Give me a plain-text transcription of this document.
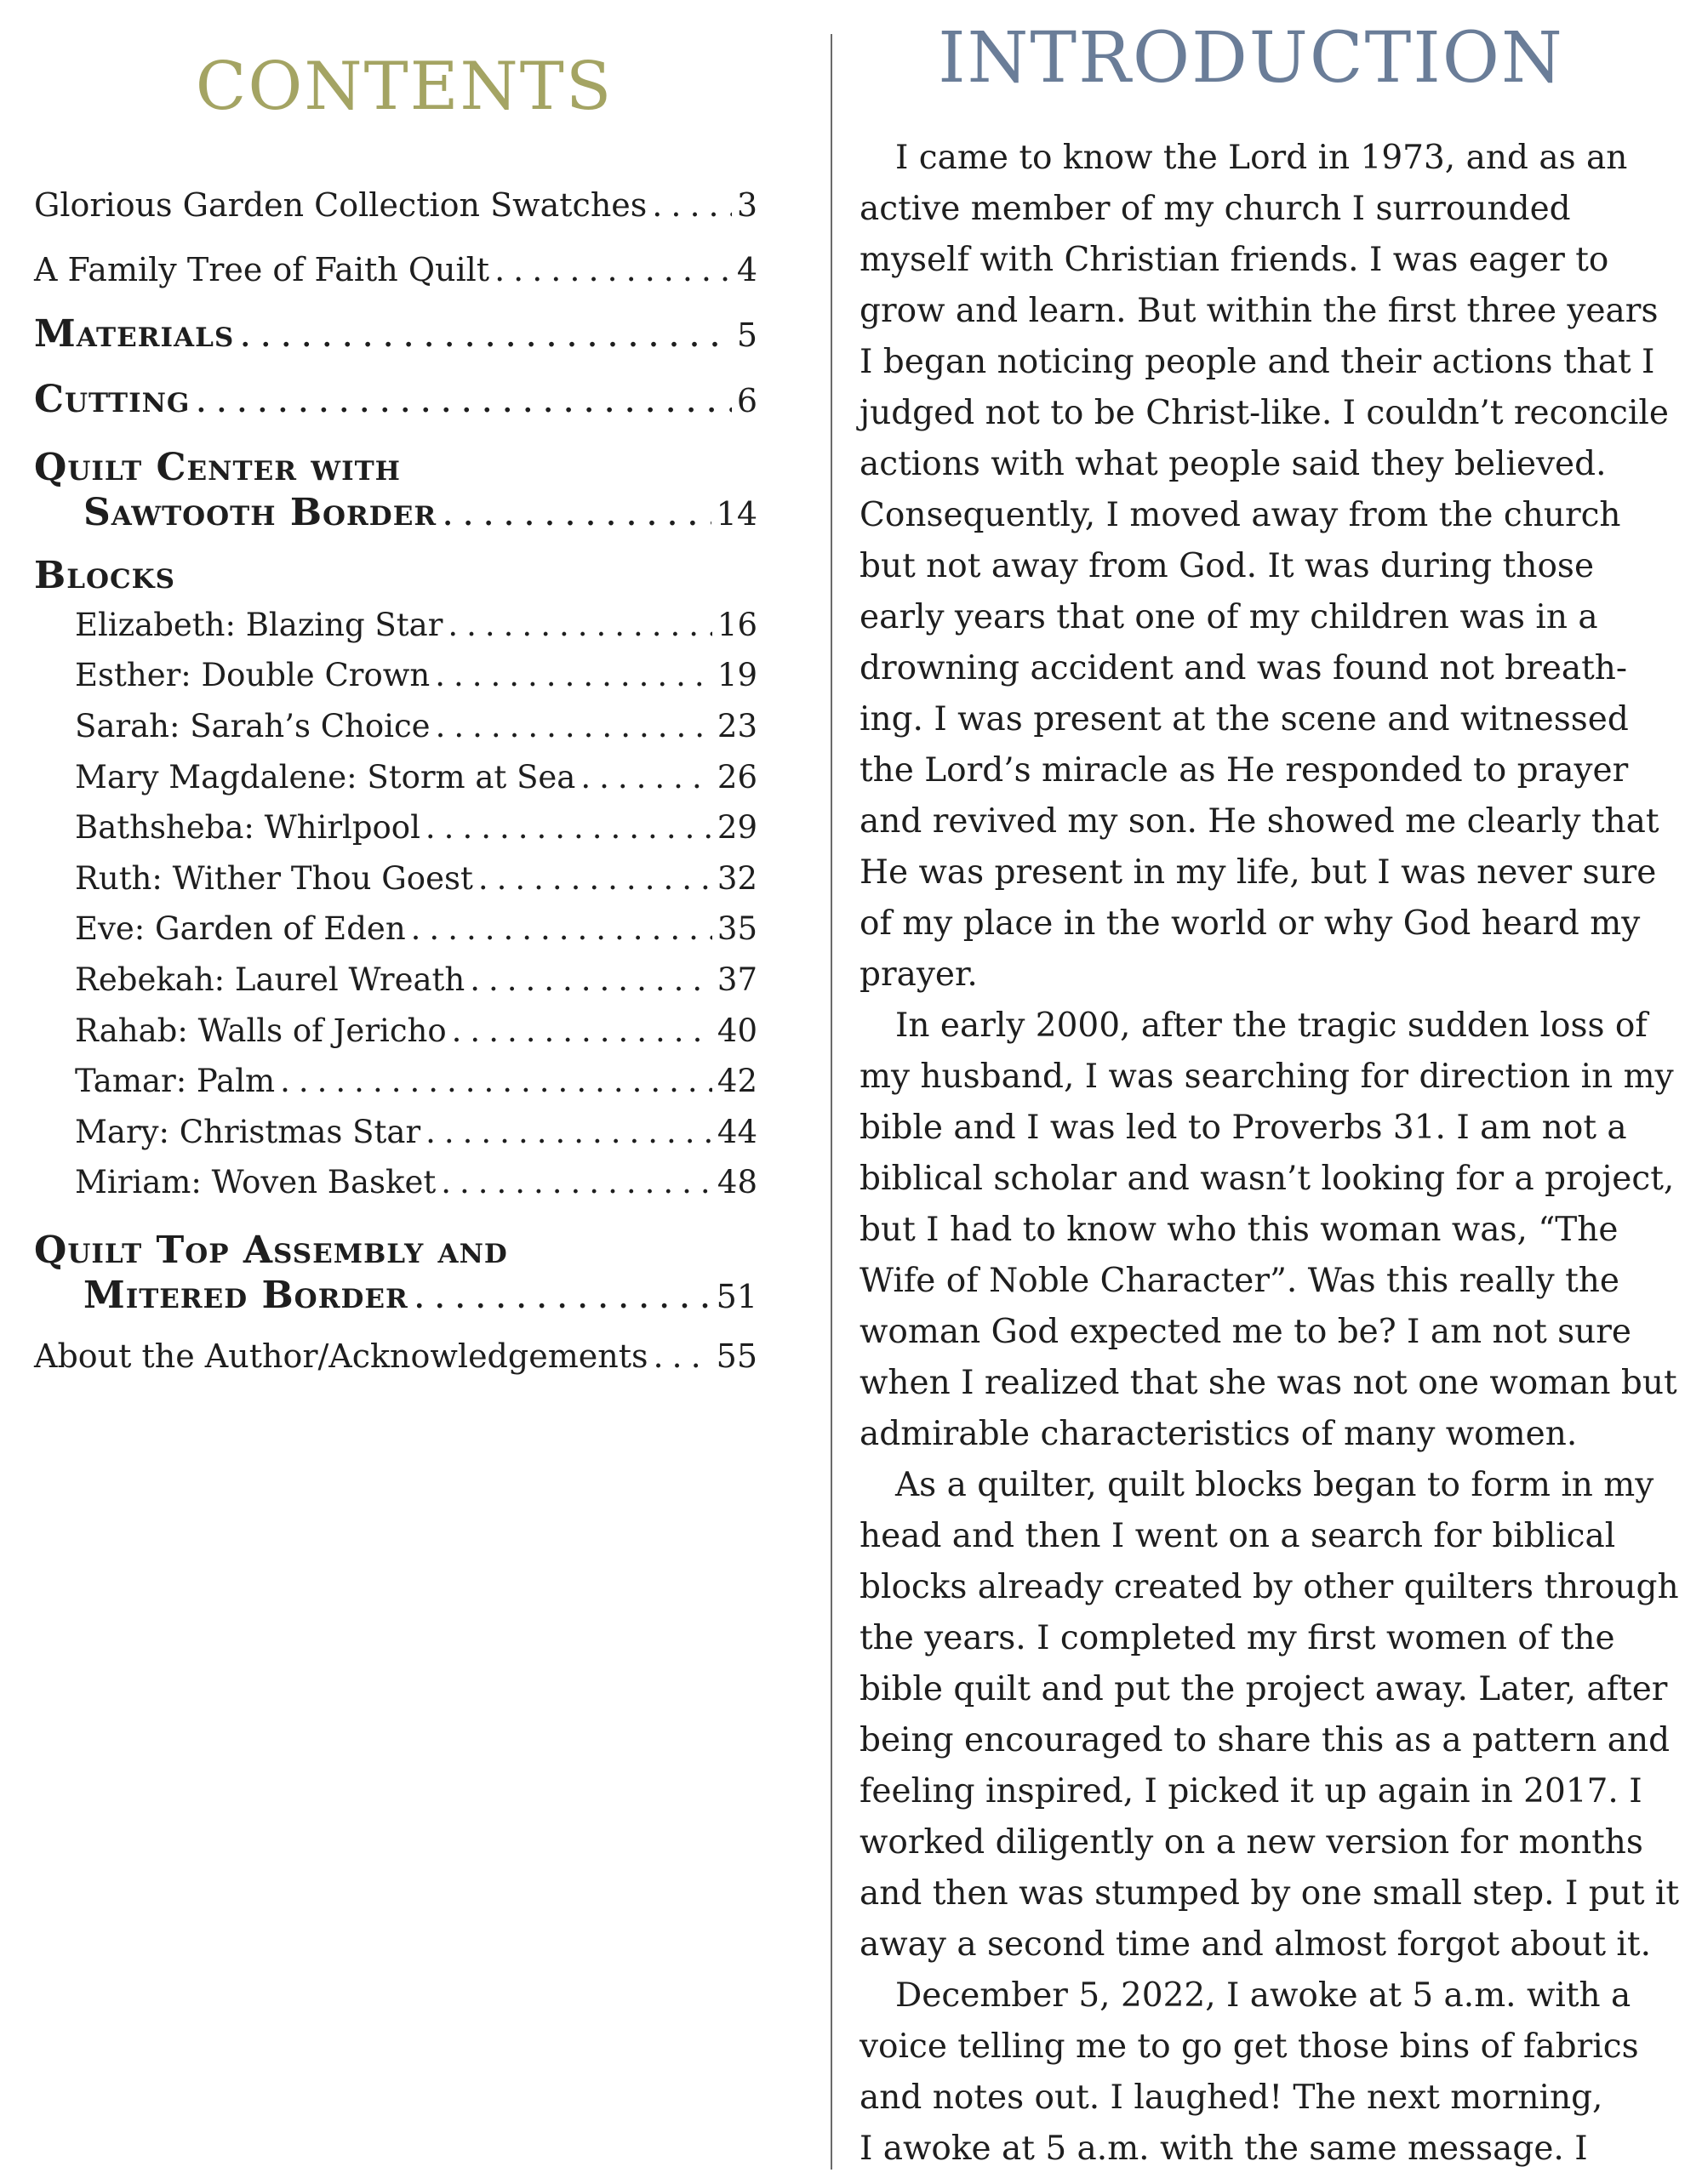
CONTENTS
Glorious Garden Collection Swatches .....	3
A Family Tree of Faith Quilt .....	4
Materials .....	5
Cutting .....	6
Quilt Center with
Sawtooth Border .....	14
Blocks
Elizabeth: Blazing Star .....	16
Esther: Double Crown .....	19
Sarah: Sarah’s Choice .....	23
Mary Magdalene: Storm at Sea .....	26
Bathsheba: Whirlpool .....	29
Ruth: Wither Thou Goest .....	32
Eve: Garden of Eden .....	35
Rebekah: Laurel Wreath .....	37
Rahab: Walls of Jericho .....	40
Tamar: Palm .....	42
Mary: Christmas Star .....	44
Miriam: Woven Basket .....	48
Quilt Top Assembly and
Mitered Border .....	51
About the Author/Acknowledgements ..... 55
INTRODUCTION

I came to know the Lord in 1973, and as an
active member of my church I surrounded
myself with Christian friends. I was eager to
grow and learn. But within the first three years
I began noticing people and their actions that I
judged not to be Christ-like. I couldn’t reconcile
actions with what people said they believed.
Consequently, I moved away from the church
but not away from God. It was during those
early years that one of my children was in a
drowning accident and was found not breath-
ing. I was present at the scene and witnessed
the Lord’s miracle as He responded to prayer
and revived my son. He showed me clearly that
He was present in my life, but I was never sure
of my place in the world or why God heard my
prayer.

In early 2000, after the tragic sudden loss of
my husband, I was searching for direction in my
bible and I was led to Proverbs 31. I am not a
biblical scholar and wasn’t looking for a project,
but I had to know who this woman was, “The
Wife of Noble Character”. Was this really the
woman God expected me to be? I am not sure
when I realized that she was not one woman but
admirable characteristics of many women.

As a quilter, quilt blocks began to form in my
head and then I went on a search for biblical
blocks already created by other quilters through
the years. I completed my first women of the
bible quilt and put the project away. Later, after
being encouraged to share this as a pattern and
feeling inspired, I picked it up again in 2017. I
worked diligently on a new version for months
and then was stumped by one small step. I put it
away a second time and almost forgot about it.

December 5, 2022, I awoke at 5 a.m. with a
voice telling me to go get those bins of fabrics
and notes out. I laughed! The next morning,
I awoke at 5 a.m. with the same message. I
